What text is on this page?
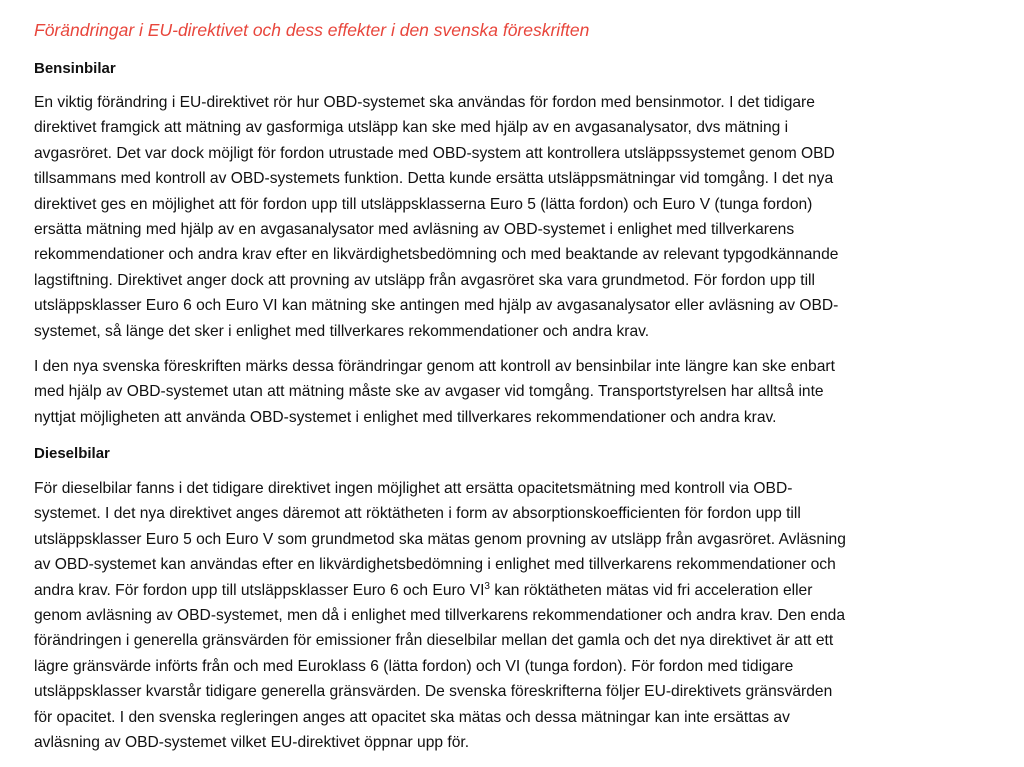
Förändringar i EU-direktivet och dess effekter i den svenska föreskriften
Bensinbilar

En viktig förändring i EU-direktivet rör hur OBD-systemet ska användas för fordon med bensinmotor. I det tidigare
direktivet framgick att mätning av gasformiga utsläpp kan ske med hjälp av en avgasanalysator, dvs mätning i
avgasröret. Det var dock möjligt för fordon utrustade med OBD-system att kontrollera utsläppssystemet genom OBD
tillsammans med kontroll av OBD-systemets funktion. Detta kunde ersätta utsläppsmätningar vid tomgång. I det nya
direktivet ges en möjlighet att för fordon upp till utsläppsklasserna Euro 5 (lätta fordon) och Euro V (tunga fordon)
ersätta mätning med hjälp av en avgasanalysator med avläsning av OBD-systemet i enlighet med tillverkarens
rekommendationer och andra krav efter en likvärdighetsbedömning och med beaktande av relevant typgodkännande
lagstiftning. Direktivet anger dock att provning av utsläpp från avgasröret ska vara grundmetod. För fordon upp till
utsläppsklasser Euro 6 och Euro VI kan mätning ske antingen med hjälp av avgasanalysator eller avläsning av OBD-
systemet, så länge det sker i enlighet med tillverkares rekommendationer och andra krav.

I den nya svenska föreskriften märks dessa förändringar genom att kontroll av bensinbilar inte längre kan ske enbart
med hjälp av OBD-systemet utan att mätning måste ske av avgaser vid tomgång. Transportstyrelsen har alltså inte
nyttjat möjligheten att använda OBD-systemet i enlighet med tillverkares rekommendationer och andra krav.

Dieselbilar

För dieselbilar fanns i det tidigare direktivet ingen möjlighet att ersätta opacitetsmätning med kontroll via OBD-
systemet. I det nya direktivet anges däremot att röktätheten i form av absorptionskoefficienten för fordon upp till
utsläppsklasser Euro 5 och Euro V som grundmetod ska mätas genom provning av utsläpp från avgasröret. Avläsning
av OBD-systemet kan användas efter en likvärdighetsbedömning i enlighet med tillverkarens rekommendationer och
andra krav. För fordon upp till utsläppsklasser Euro 6 och Euro $VI^3$ kan röktätheten mätas vid fri acceleration eller
genom avläsning av OBD-systemet, men då i enlighet med tillverkarens rekommendationer och andra krav. Den enda
förändringen i generella gränsvärden för emissioner från dieselbilar mellan det gamla och det nya direktivet är att ett
lägre gränsvärde införts från och med Euroklass 6 (lätta fordon) och VI (tunga fordon). För fordon med tidigare
utsläppsklasser kvarstår tidigare generella gränsvärden. De svenska föreskrifterna följer EU-direktivets gränsvärden
för opacitet. I den svenska regleringen anges att opacitet ska mätas och dessa mätningar kan inte ersättas av
avläsning av OBD-systemet vilket EU-direktivet öppnar upp för.
